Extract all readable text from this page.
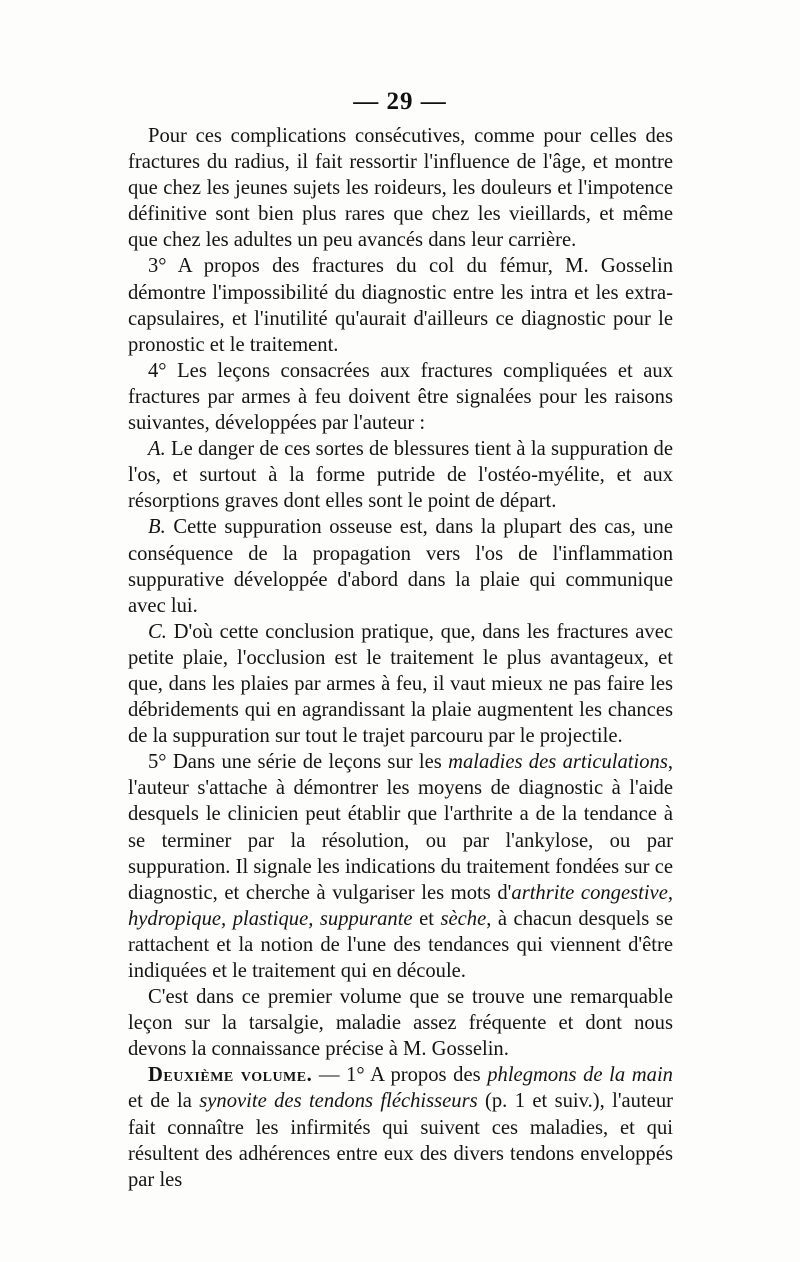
— 29 —

Pour ces complications consécutives, comme pour celles des fractures du radius, il fait ressortir l'influence de l'âge, et montre que chez les jeunes sujets les roideurs, les douleurs et l'impotence définitive sont bien plus rares que chez les vieillards, et même que chez les adultes un peu avancés dans leur carrière.

3° A propos des fractures du col du fémur, M. Gosselin démontre l'impossibilité du diagnostic entre les intra et les extra-capsulaires, et l'inutilité qu'aurait d'ailleurs ce diagnostic pour le pronostic et le traitement.

4° Les leçons consacrées aux fractures compliquées et aux fractures par armes à feu doivent être signalées pour les raisons suivantes, développées par l'auteur :

A. Le danger de ces sortes de blessures tient à la suppuration de l'os, et surtout à la forme putride de l'ostéo-myélite, et aux résorptions graves dont elles sont le point de départ.

B. Cette suppuration osseuse est, dans la plupart des cas, une conséquence de la propagation vers l'os de l'inflammation suppurative développée d'abord dans la plaie qui communique avec lui.

C. D'où cette conclusion pratique, que, dans les fractures avec petite plaie, l'occlusion est le traitement le plus avantageux, et que, dans les plaies par armes à feu, il vaut mieux ne pas faire les débridements qui en agrandissant la plaie augmentent les chances de la suppuration sur tout le trajet parcouru par le projectile.

5° Dans une série de leçons sur les maladies des articulations, l'auteur s'attache à démontrer les moyens de diagnostic à l'aide desquels le clinicien peut établir que l'arthrite a de la tendance à se terminer par la résolution, ou par l'ankylose, ou par suppuration. Il signale les indications du traitement fondées sur ce diagnostic, et cherche à vulgariser les mots d'arthrite congestive, hydropique, plastique, suppurante et sèche, à chacun desquels se rattachent et la notion de l'une des tendances qui viennent d'être indiquées et le traitement qui en découle.

C'est dans ce premier volume que se trouve une remarquable leçon sur la tarsalgie, maladie assez fréquente et dont nous devons la connaissance précise à M. Gosselin.

Deuxième volume. — 1° A propos des phlegmons de la main et de la synovite des tendons fléchisseurs (p. 1 et suiv.), l'auteur fait connaître les infirmités qui suivent ces maladies, et qui résultent des adhérences entre eux des divers tendons enveloppés par les
